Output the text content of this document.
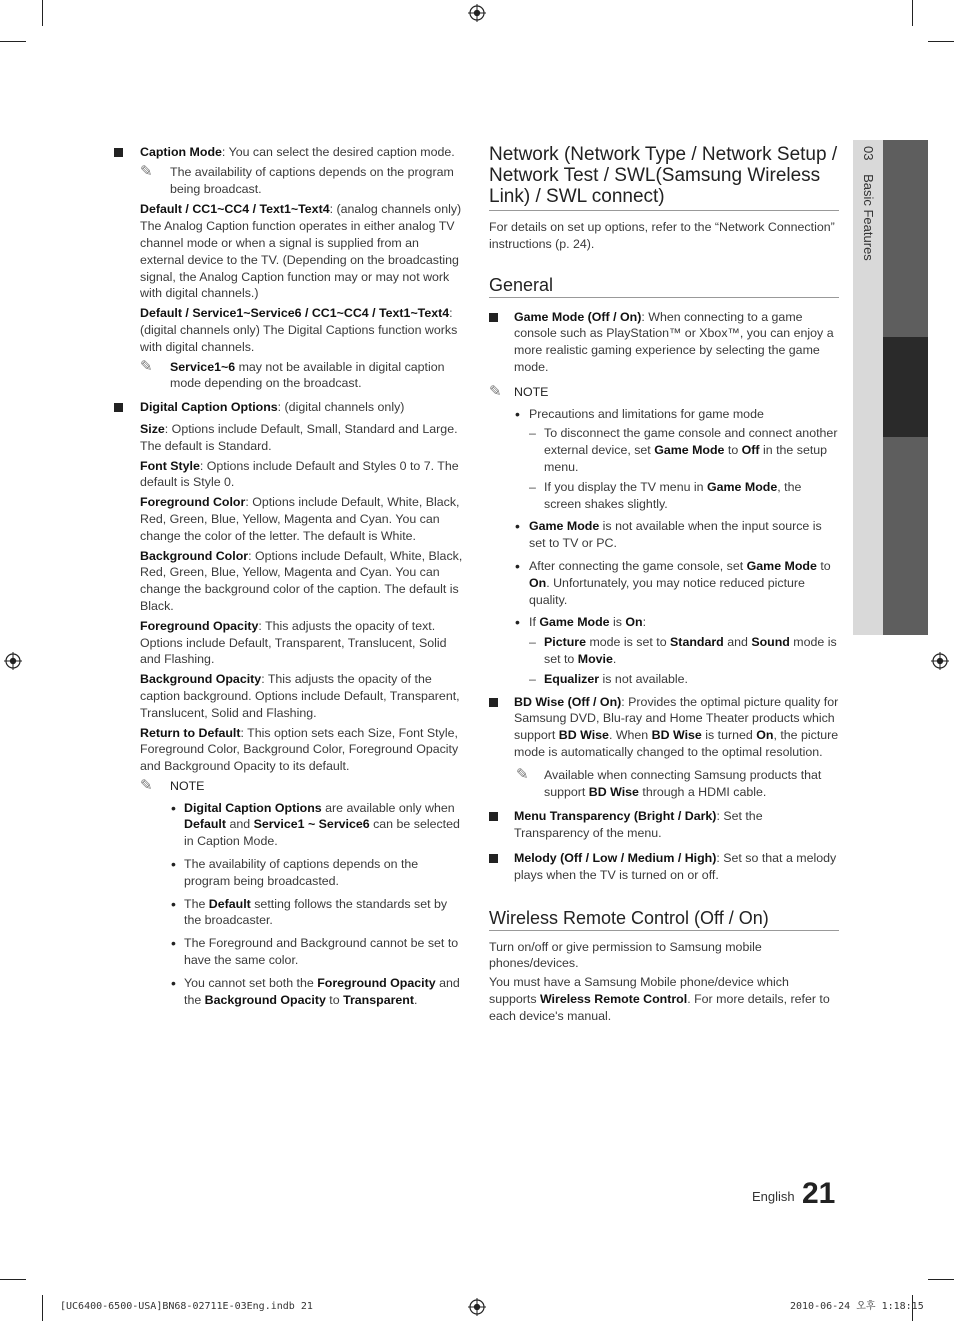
03 Basic Features
Caption Mode: You can select the desired caption mode.
✎ The availability of captions depends on the program being broadcast.
Default / CC1~CC4 / Text1~Text4: (analog channels only) The Analog Caption function operates in either analog TV channel mode or when a signal is supplied from an external device to the TV. (Depending on the broadcasting signal, the Analog Caption function may or may not work with digital channels.)
Default / Service1~Service6 / CC1~CC4 / Text1~Text4: (digital channels only) The Digital Captions function works with digital channels.
✎ Service1~6 may not be available in digital caption mode depending on the broadcast.
Digital Caption Options: (digital channels only)
Size: Options include Default, Small, Standard and Large. The default is Standard.
Font Style: Options include Default and Styles 0 to 7. The default is Style 0.
Foreground Color: Options include Default, White, Black, Red, Green, Blue, Yellow, Magenta and Cyan. You can change the color of the letter. The default is White.
Background Color: Options include Default, White, Black, Red, Green, Blue, Yellow, Magenta and Cyan. You can change the background color of the caption. The default is Black.
Foreground Opacity: This adjusts the opacity of text. Options include Default, Transparent, Translucent, Solid and Flashing.
Background Opacity: This adjusts the opacity of the caption background. Options include Default, Transparent, Translucent, Solid and Flashing.
Return to Default: This option sets each Size, Font Style, Foreground Color, Background Color, Foreground Opacity and Background Opacity to its default.
✎ NOTE
• Digital Caption Options are available only when Default and Service1 ~ Service6 can be selected in Caption Mode.
• The availability of captions depends on the program being broadcasted.
• The Default setting follows the standards set by the broadcaster.
• The Foreground and Background cannot be set to have the same color.
• You cannot set both the Foreground Opacity and the Background Opacity to Transparent.
Network (Network Type / Network Setup / Network Test / SWL(Samsung Wireless Link) / SWL connect)

For details on set up options, refer to the “Network Connection” instructions (p. 24).

General
Game Mode (Off / On): When connecting to a game console such as PlayStation™ or Xbox™, you can enjoy a more realistic gaming experience by selecting the game mode.
✎ NOTE
• Precautions and limitations for game mode
– To disconnect the game console and connect another external device, set Game Mode to Off in the setup menu.
– If you display the TV menu in Game Mode, the screen shakes slightly.
• Game Mode is not available when the input source is set to TV or PC.
• After connecting the game console, set Game Mode to On. Unfortunately, you may notice reduced picture quality.
• If Game Mode is On:
– Picture mode is set to Standard and Sound mode is set to Movie.
– Equalizer is not available.
BD Wise (Off / On): Provides the optimal picture quality for Samsung DVD, Blu-ray and Home Theater products which support BD Wise. When BD Wise is turned On, the picture mode is automatically changed to the optimal resolution.
✎ Available when connecting Samsung products that support BD Wise through a HDMI cable.
Menu Transparency (Bright / Dark): Set the Transparency of the menu.
Melody (Off / Low / Medium / High): Set so that a melody plays when the TV is turned on or off.
Wireless Remote Control (Off / On)

Turn on/off or give permission to Samsung mobile phones/devices.

You must have a Samsung Mobile phone/device which supports Wireless Remote Control. For more details, refer to each device's manual.

English 21
[UC6400-6500-USA]BN68-02711E-03Eng.indb 21	2010-06-24 오후 1:18:15
